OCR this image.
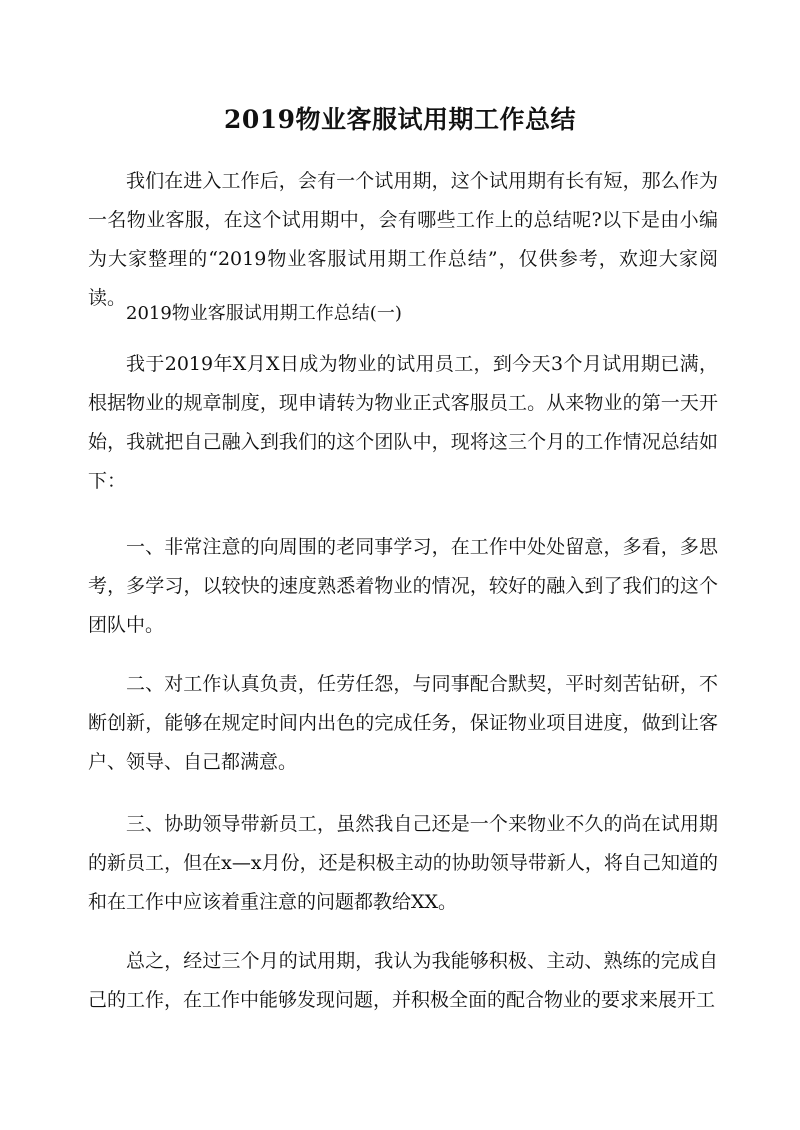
2019物业客服试用期工作总结

我们在进入工作后，会有一个试用期，这个试用期有长有短，那么作为一名物业客服，在这个试用期中，会有哪些工作上的总结呢?以下是由小编为大家整理的“2019物业客服试用期工作总结”，仅供参考，欢迎大家阅读。

2019物业客服试用期工作总结(一)

我于2019年X月X日成为物业的试用员工，到今天3个月试用期已满，根据物业的规章制度，现申请转为物业正式客服员工。从来物业的第一天开始，我就把自己融入到我们的这个团队中，现将这三个月的工作情况总结如下：

一、非常注意的向周围的老同事学习，在工作中处处留意，多看，多思考，多学习，以较快的速度熟悉着物业的情况，较好的融入到了我们的这个团队中。

二、对工作认真负责，任劳任怨，与同事配合默契，平时刻苦钻研，不断创新，能够在规定时间内出色的完成任务，保证物业项目进度，做到让客户、领导、自己都满意。

三、协助领导带新员工，虽然我自己还是一个来物业不久的尚在试用期的新员工，但在x—x月份，还是积极主动的协助领导带新人，将自己知道的和在工作中应该着重注意的问题都教给XX。

总之，经过三个月的试用期，我认为我能够积极、主动、熟练的完成自己的工作，在工作中能够发现问题，并积极全面的配合物业的要求来展开工
